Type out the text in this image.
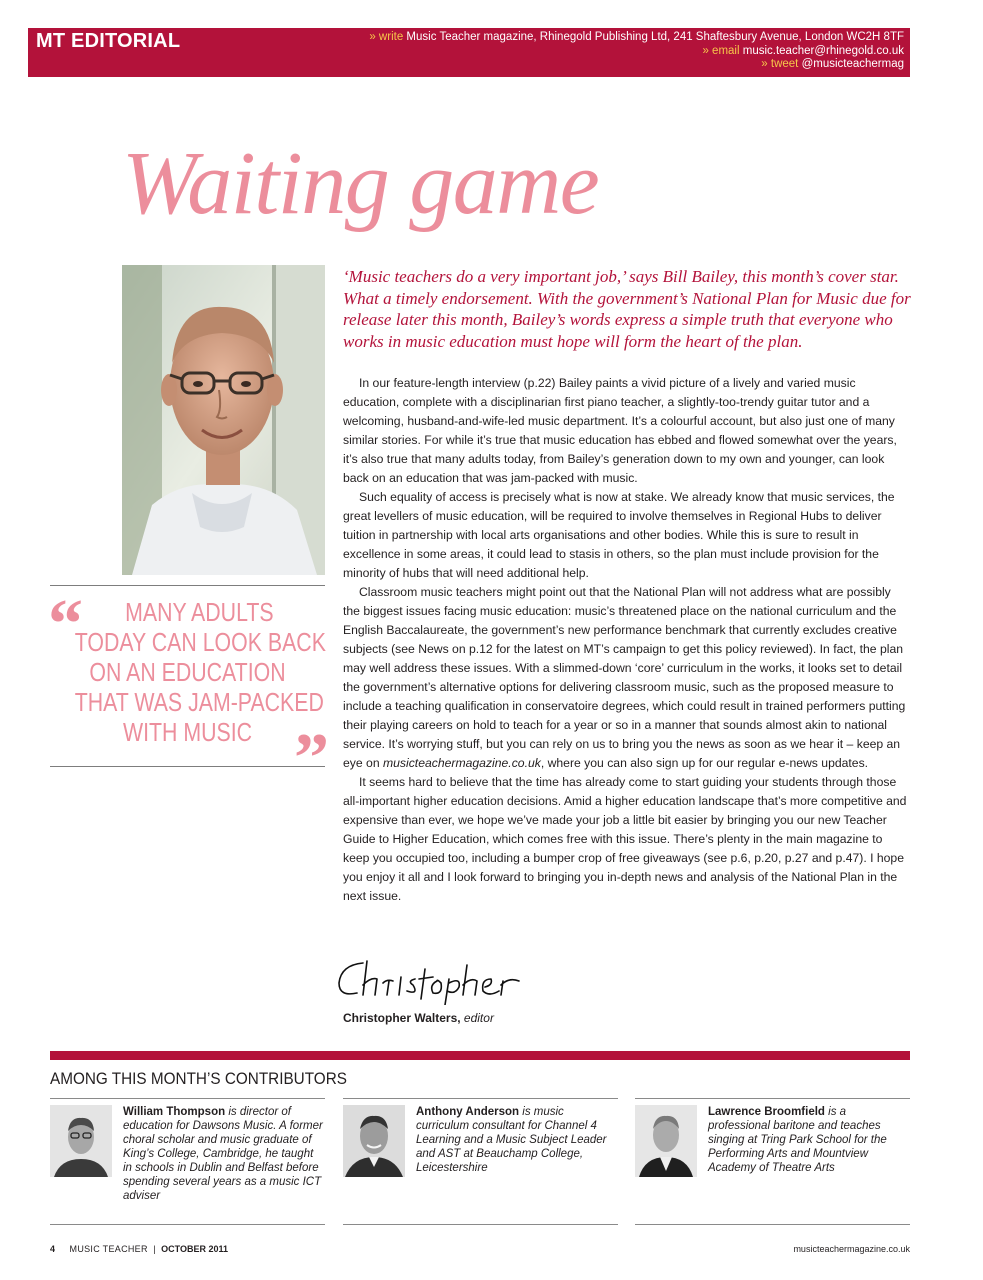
MT EDITORIAL	» write Music Teacher magazine, Rhinegold Publishing Ltd, 241 Shaftesbury Avenue, London WC2H 8TF
» email music.teacher@rhinegold.co.uk
» tweet @musicteachermag
Waiting game

‘Music teachers do a very important job,’ says Bill Bailey, this month’s cover star. What a timely endorsement. With the government’s National Plan for Music due for release later this month, Bailey’s words express a simple truth that everyone who works in music education must hope will form the heart of the plan.

In our feature-length interview (p.22) Bailey paints a vivid picture of a lively and varied music education, complete with a disciplinarian first piano teacher, a slightly-too-trendy guitar tutor and a welcoming, husband-and-wife-led music department. It’s a colourful account, but also just one of many similar stories. For while it’s true that music education has ebbed and flowed somewhat over the years, it’s also true that many adults today, from Bailey’s generation down to my own and younger, can look back on an education that was jam-packed with music.

Such equality of access is precisely what is now at stake. We already know that music services, the great levellers of music education, will be required to involve themselves in Regional Hubs to deliver tuition in partnership with local arts organisations and other bodies. While this is sure to result in excellence in some areas, it could lead to stasis in others, so the plan must include provision for the minority of hubs that will need additional help.

Classroom music teachers might point out that the National Plan will not address what are possibly the biggest issues facing music education: music’s threatened place on the national curriculum and the English Baccalaureate, the government’s new performance benchmark that currently excludes creative subjects (see News on p.12 for the latest on MT’s campaign to get this policy reviewed). In fact, the plan may well address these issues. With a slimmed-down ‘core’ curriculum in the works, it looks set to detail the government’s alternative options for delivering classroom music, such as the proposed measure to include a teaching qualification in conservatoire degrees, which could result in trained performers putting their playing careers on hold to teach for a year or so in a manner that sounds almost akin to national service. It’s worrying stuff, but you can rely on us to bring you the news as soon as we hear it – keep an eye on musicteachermagazine.co.uk, where you can also sign up for our regular e-news updates.

It seems hard to believe that the time has already come to start guiding your students through those all-important higher education decisions. Amid a higher education landscape that’s more competitive and expensive than ever, we hope we’ve made your job a little bit easier by bringing you our new Teacher Guide to Higher Education, which comes free with this issue. There’s plenty in the main magazine to keep you occupied too, including a bumper crop of free giveaways (see p.6, p.20, p.27 and p.47). I hope you enjoy it all and I look forward to bringing you in-depth news and analysis of the National Plan in the next issue.

“ MANY ADULTS
TODAY CAN LOOK BACK
ON AN EDUCATION
THAT WAS JAM-PACKED
WITH MUSIC ”
Christopher Walters, editor
AMONG THIS MONTH’S CONTRIBUTORS

William Thompson is director of education for Dawsons Music. A former choral scholar and music graduate of King’s College, Cambridge, he taught in schools in Dublin and Belfast before spending several years as a music ICT adviser

Anthony Anderson is music curriculum consultant for Channel 4 Learning and a Music Subject Leader and AST at Beauchamp College, Leicestershire

Lawrence Broomfield is a professional baritone and teaches singing at Tring Park School for the Performing Arts and Mountview Academy of Theatre Arts

4 MUSIC TEACHER | OCTOBER 2011	musicteachermagazine.co.uk
